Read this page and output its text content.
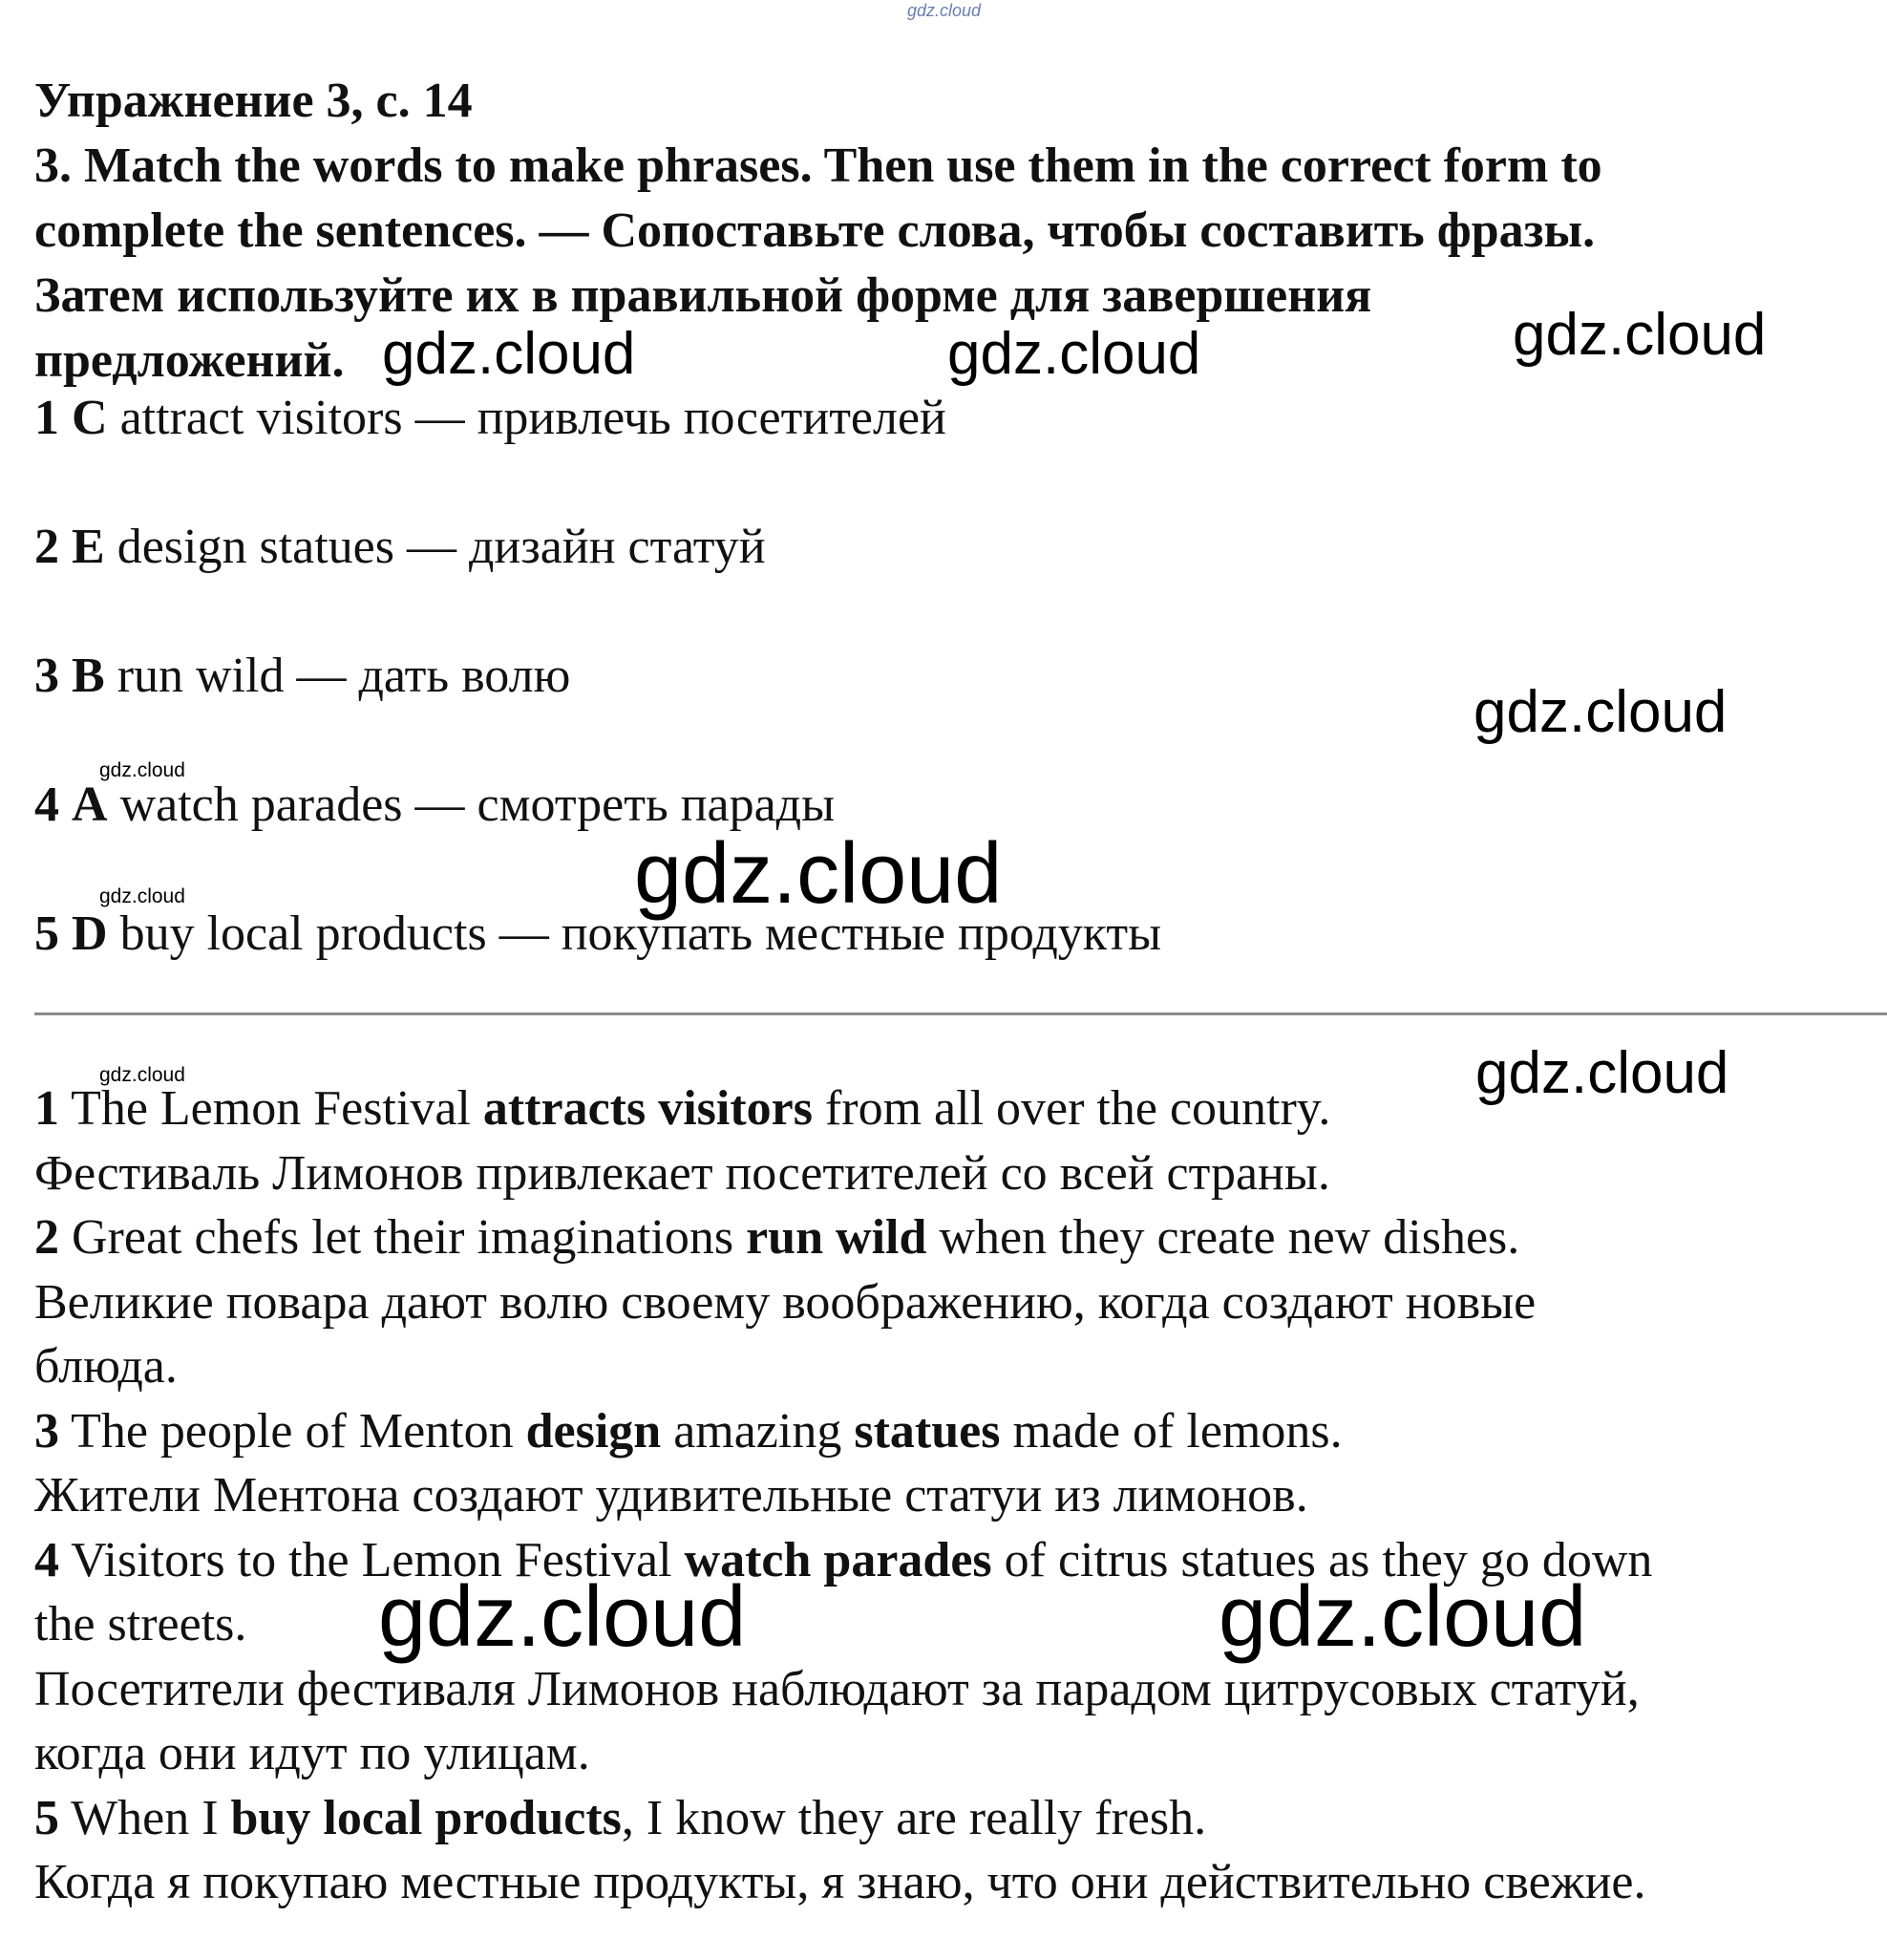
gdz.cloud
gdz.cloud	gdz.cloud	gdz.cloud
gdz.cloud
gdz.cloud
gdz.cloud
gdz.cloud
gdz.cloud	gdz.cloud
gdz.cloud	gdz.cloud
Упражнение 3, с. 14
3. Match the words to make phrases. Then use them in the correct form to
complete the sentences. — Сопоставьте слова, чтобы составить фразы.
Затем используйте их в правильной форме для завершения
предложений.
1 C attract visitors — привлечь посетителей
2 E design statues — дизайн статуй
3 B run wild — дать волю
4 A watch parades — смотреть парады
5 D buy local products — покупать местные продукты
1 The Lemon Festival attracts visitors from all over the country.
Фестиваль Лимонов привлекает посетителей со всей страны.
2 Great chefs let their imaginations run wild when they create new dishes.
Великие повара дают волю своему воображению, когда создают новые
блюда.
3 The people of Menton design amazing statues made of lemons.
Жители Ментона создают удивительные статуи из лимонов.
4 Visitors to the Lemon Festival watch parades of citrus statues as they go down
the streets.
Посетители фестиваля Лимонов наблюдают за парадом цитрусовых статуй,
когда они идут по улицам.
5 When I buy local products, I know they are really fresh.
Когда я покупаю местные продукты, я знаю, что они действительно свежие.
